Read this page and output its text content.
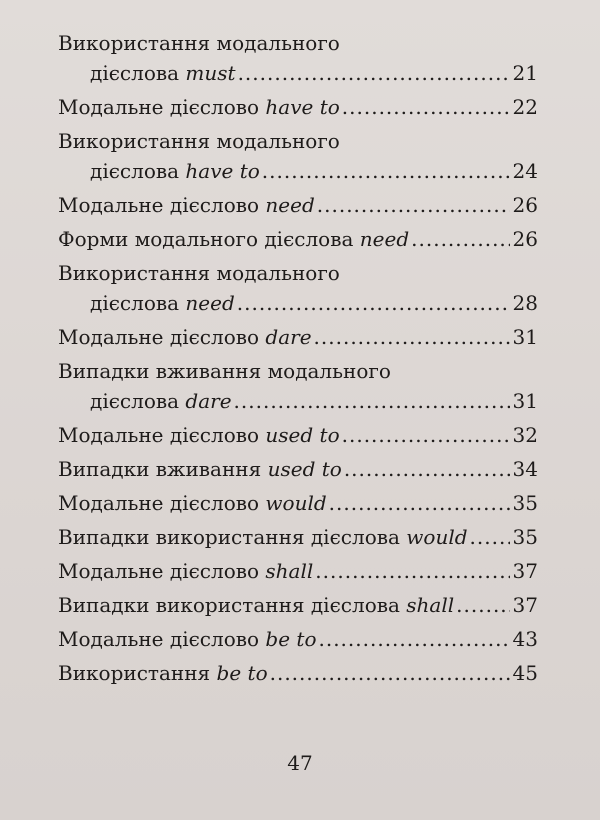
Використання модального
дієслова must .....	21
Модальне дієслово have to .....	22
Використання модального
дієслова have to .....	24
Модальне дієслово need .....	26
Форми модального дієслова need .....	26
Використання модального
дієслова need .....	28
Модальне дієслово dare .....	31
Випадки вживання модального
дієслова dare .....	31
Модальне дієслово used to .....	32
Випадки вживання used to .....	34
Модальне дієслово would .....	35
Випадки використання дієслова would ..... 35
Модальне дієслово shall .....	37
Випадки використання дієслова shall .....	37
Модальне дієслово be to .....	43
Використання be to .....	45
47
